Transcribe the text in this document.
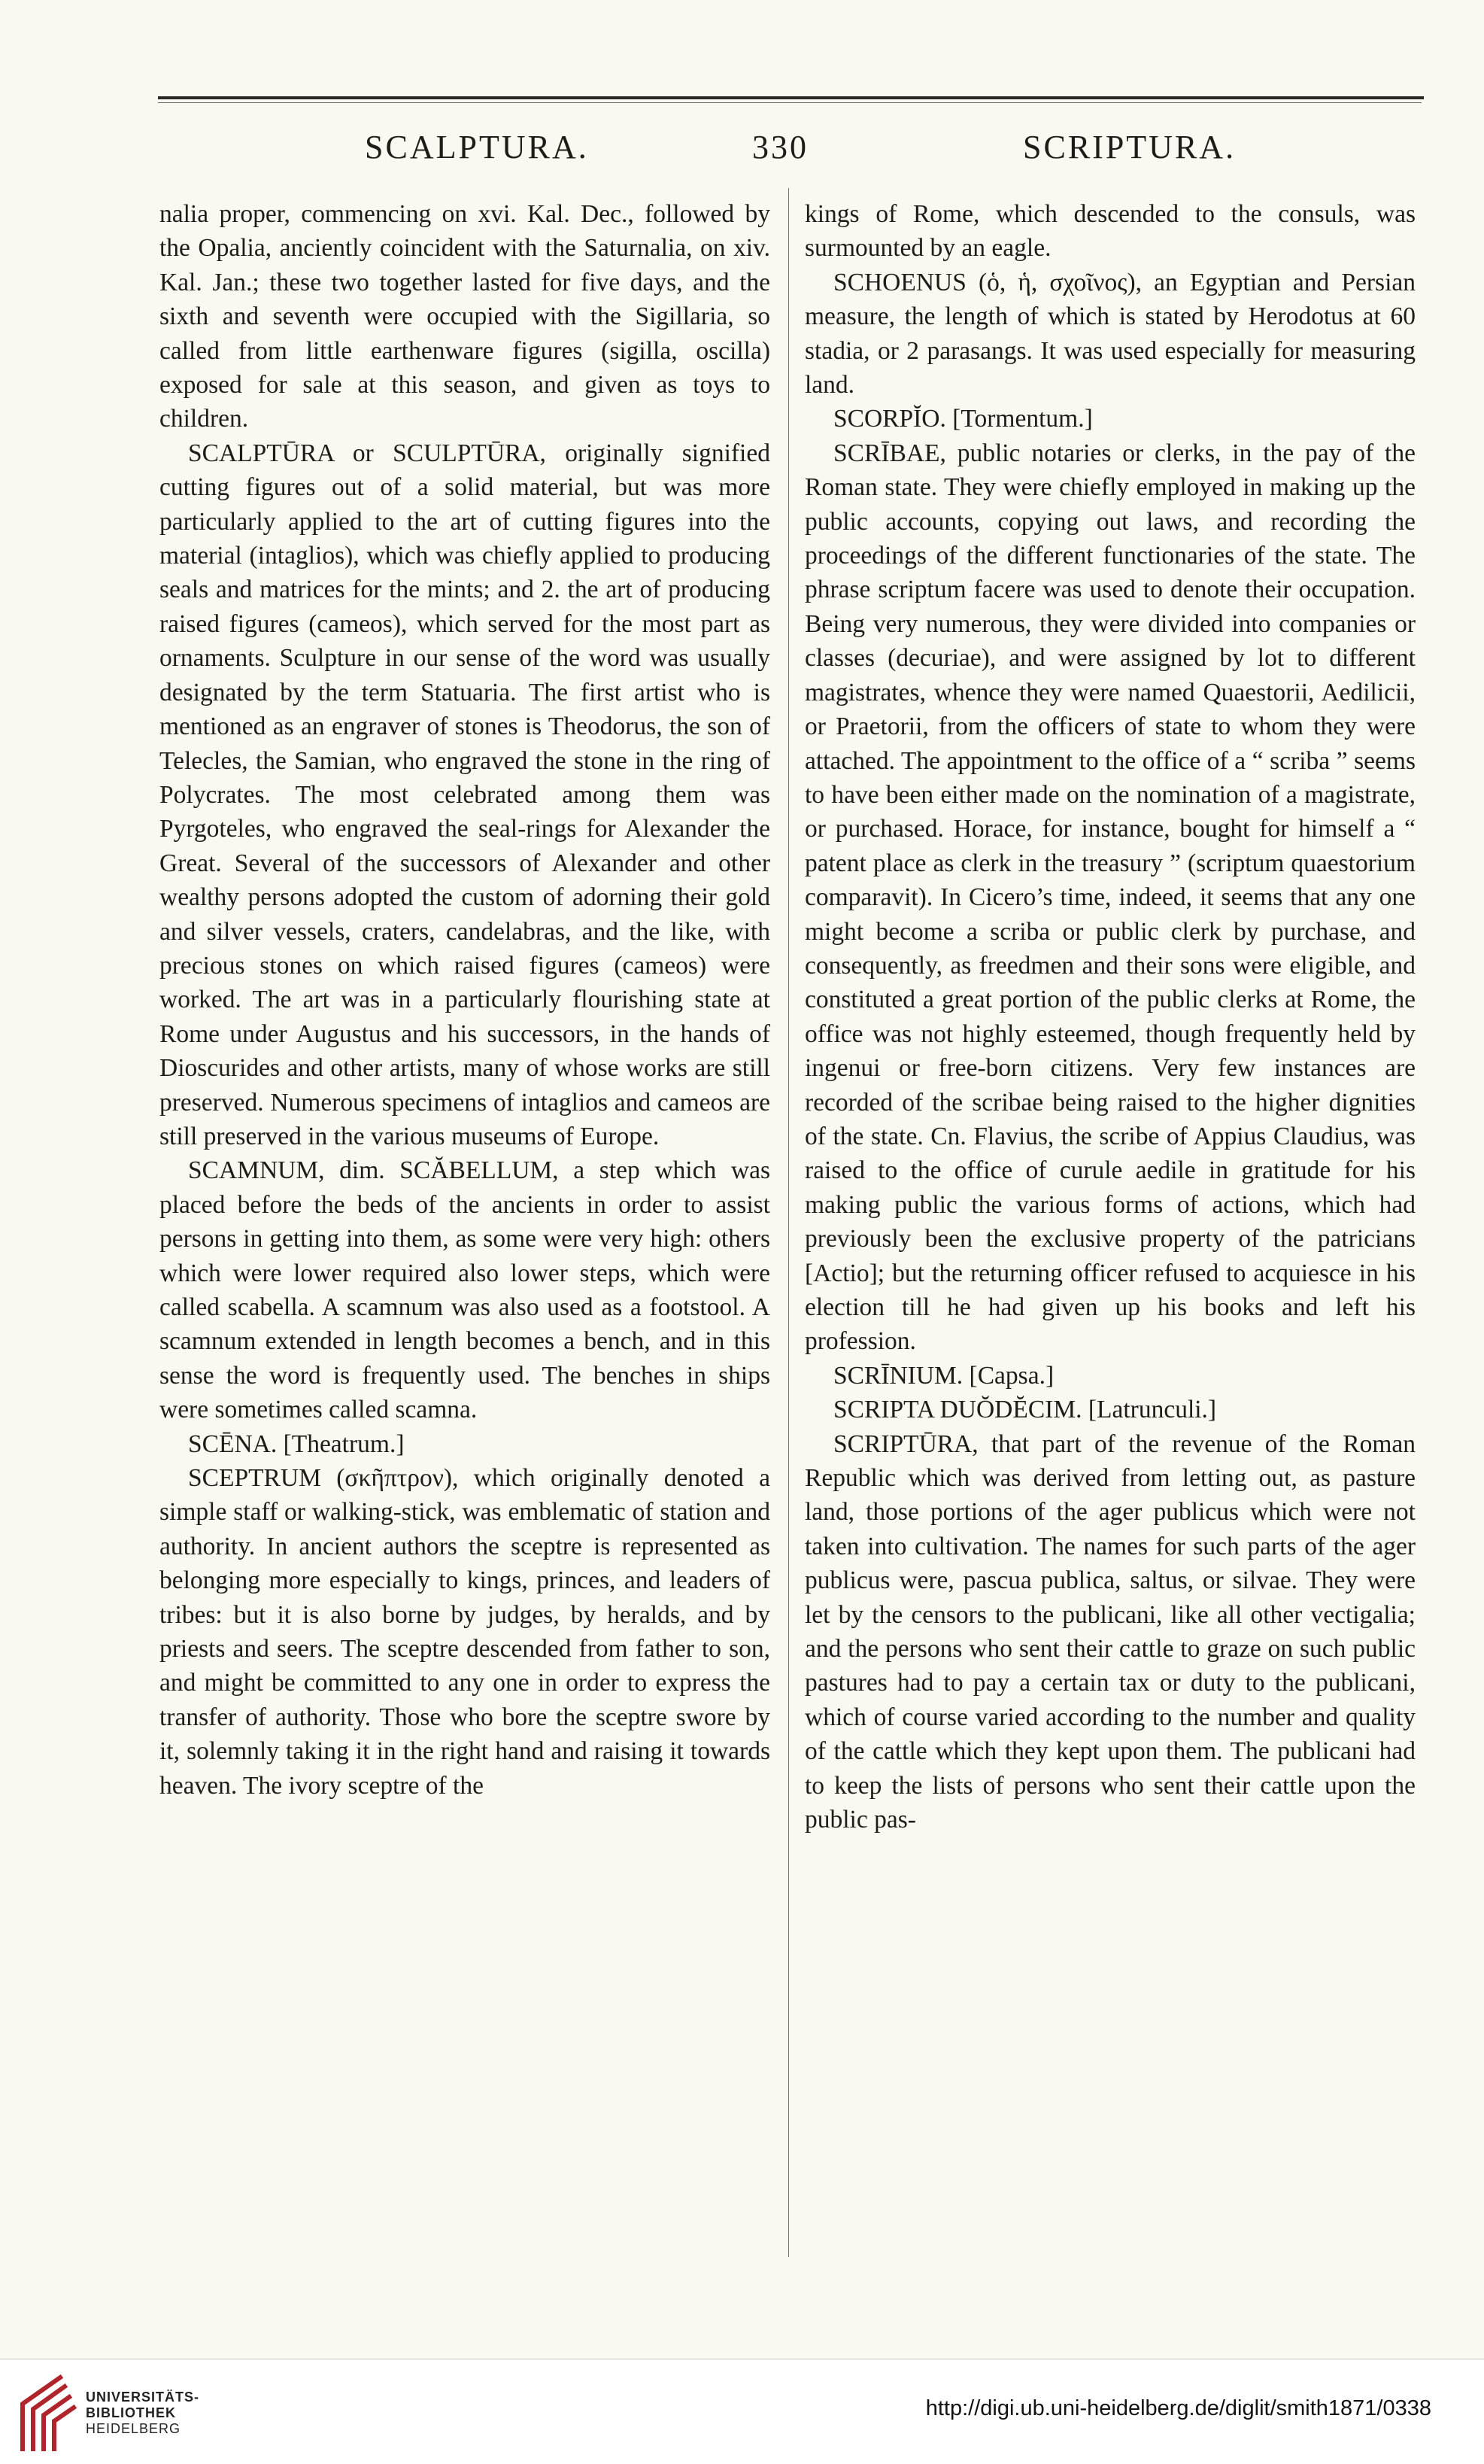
SCALPTURA.	330	SCRIPTURA.

nalia proper, commencing on xvi. Kal. Dec., followed by the Opalia, anciently coincident with the Saturnalia, on xiv. Kal. Jan.; these two together lasted for five days, and the sixth and seventh were occupied with the Sigillaria, so called from little earthenware figures (sigilla, oscilla) exposed for sale at this season, and given as toys to children.

SCALPTŪRA or SCULPTŪRA, originally signified cutting figures out of a solid material, but was more particularly applied to the art of cutting figures into the material (intaglios), which was chiefly applied to producing seals and matrices for the mints; and 2. the art of producing raised figures (cameos), which served for the most part as ornaments. Sculpture in our sense of the word was usually designated by the term Statuaria. The first artist who is mentioned as an engraver of stones is Theodorus, the son of Telecles, the Samian, who engraved the stone in the ring of Polycrates. The most celebrated among them was Pyrgoteles, who engraved the seal-rings for Alexander the Great. Several of the successors of Alexander and other wealthy persons adopted the custom of adorning their gold and silver vessels, craters, candelabras, and the like, with precious stones on which raised figures (cameos) were worked. The art was in a particularly flourishing state at Rome under Augustus and his successors, in the hands of Dioscurides and other artists, many of whose works are still preserved. Numerous specimens of intaglios and cameos are still preserved in the various museums of Europe.

SCAMNUM, dim. SCĂBELLUM, a step which was placed before the beds of the ancients in order to assist persons in getting into them, as some were very high: others which were lower required also lower steps, which were called scabella. A scamnum was also used as a footstool. A scamnum extended in length becomes a bench, and in this sense the word is frequently used. The benches in ships were sometimes called scamna.

SCĒNA. [Theatrum.]

SCEPTRUM (σκῆπτρον), which originally denoted a simple staff or walking-stick, was emblematic of station and authority. In ancient authors the sceptre is represented as belonging more especially to kings, princes, and leaders of tribes: but it is also borne by judges, by heralds, and by priests and seers. The sceptre descended from father to son, and might be committed to any one in order to express the transfer of authority. Those who bore the sceptre swore by it, solemnly taking it in the right hand and raising it towards heaven. The ivory sceptre of the

kings of Rome, which descended to the consuls, was surmounted by an eagle.

SCHOENUS (ὁ, ἡ, σχοῖνος), an Egyptian and Persian measure, the length of which is stated by Herodotus at 60 stadia, or 2 parasangs. It was used especially for measuring land.

SCORPĬO. [Tormentum.]

SCRĪBAE, public notaries or clerks, in the pay of the Roman state. They were chiefly employed in making up the public accounts, copying out laws, and recording the proceedings of the different functionaries of the state. The phrase scriptum facere was used to denote their occupation. Being very numerous, they were divided into companies or classes (decuriae), and were assigned by lot to different magistrates, whence they were named Quaestorii, Aedilicii, or Praetorii, from the officers of state to whom they were attached. The appointment to the office of a “ scriba ” seems to have been either made on the nomination of a magistrate, or purchased. Horace, for instance, bought for himself a “ patent place as clerk in the treasury ” (scriptum quaestorium comparavit). In Cicero’s time, indeed, it seems that any one might become a scriba or public clerk by purchase, and consequently, as freedmen and their sons were eligible, and constituted a great portion of the public clerks at Rome, the office was not highly esteemed, though frequently held by ingenui or free-born citizens. Very few instances are recorded of the scribae being raised to the higher dignities of the state. Cn. Flavius, the scribe of Appius Claudius, was raised to the office of curule aedile in gratitude for his making public the various forms of actions, which had previously been the exclusive property of the patricians [Actio]; but the returning officer refused to acquiesce in his election till he had given up his books and left his profession.

SCRĪNIUM. [Capsa.]

SCRIPTA DUŎDĔCIM. [Latrunculi.]

SCRIPTŪRA, that part of the revenue of the Roman Republic which was derived from letting out, as pasture land, those portions of the ager publicus which were not taken into cultivation. The names for such parts of the ager publicus were, pascua publica, saltus, or silvae. They were let by the censors to the publicani, like all other vectigalia; and the persons who sent their cattle to graze on such public pastures had to pay a certain tax or duty to the publicani, which of course varied according to the number and quality of the cattle which they kept upon them. The publicani had to keep the lists of persons who sent their cattle upon the public pas-

UNIVERSITÄTS-
BIBLIOTHEK
HEIDELBERG
http://digi.ub.uni-heidelberg.de/diglit/smith1871/0338
